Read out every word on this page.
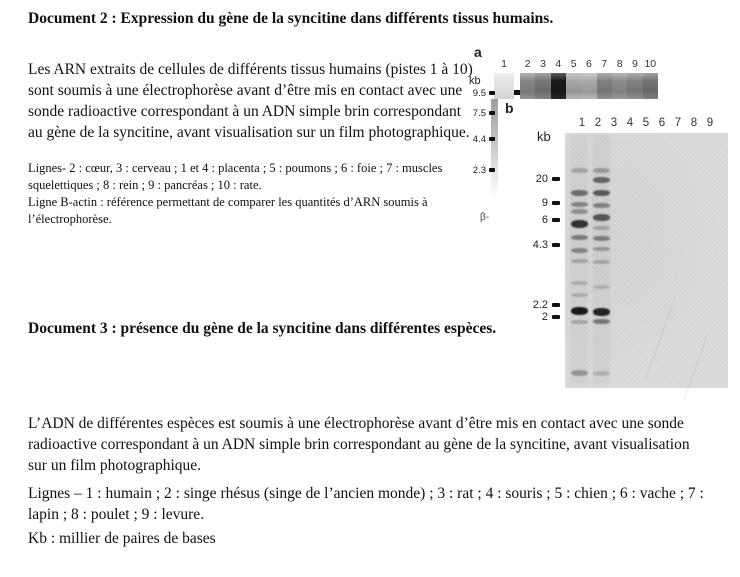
Document 2 : Expression du gène de la syncitine dans différents tissus humains.
Les ARN extraits de cellules de différents tissus humains (pistes 1 à 10) sont soumis à une électrophorèse avant d’être mis en contact avec une sonde radioactive correspondant à un ADN simple brin correspondant au gène de la syncitine, avant visualisation sur un film photographique.
Lignes- 2 : cœur, 3 : cerveau ; 1 et 4 : placenta ; 5 : poumons ; 6 : foie ; 7 : muscles squelettiques ; 8 : rein ; 9 : pancréas ; 10 : rate.
Ligne B-actin : référence permettant de comparer les quantités d’ARN soumis à l’électrophorèse.
Document 3 : présence du gène de la syncitine dans différentes espèces.
L’ADN de différentes espèces est soumis à une électrophorèse avant d’être mis en contact avec une sonde radioactive correspondant à un ADN simple brin correspondant au gène de la syncitine, avant visualisation sur un film photographique.
Lignes – 1 : humain ; 2 : singe rhésus (singe de l’ancien monde) ; 3 : rat ; 4 : souris ; 5 : chien ; 6 : vache ; 7 : lapin ; 8 : poulet ; 9 : levure.
Kb : millier de paires de bases
a
1	2 3 4 5 6 7 8 9 10
kb
9.5
7.5
4.4
2.3
β-
b
1 2 3 4 5 6 7 8 9
kb
20
9
6
4.3
2.2
2
